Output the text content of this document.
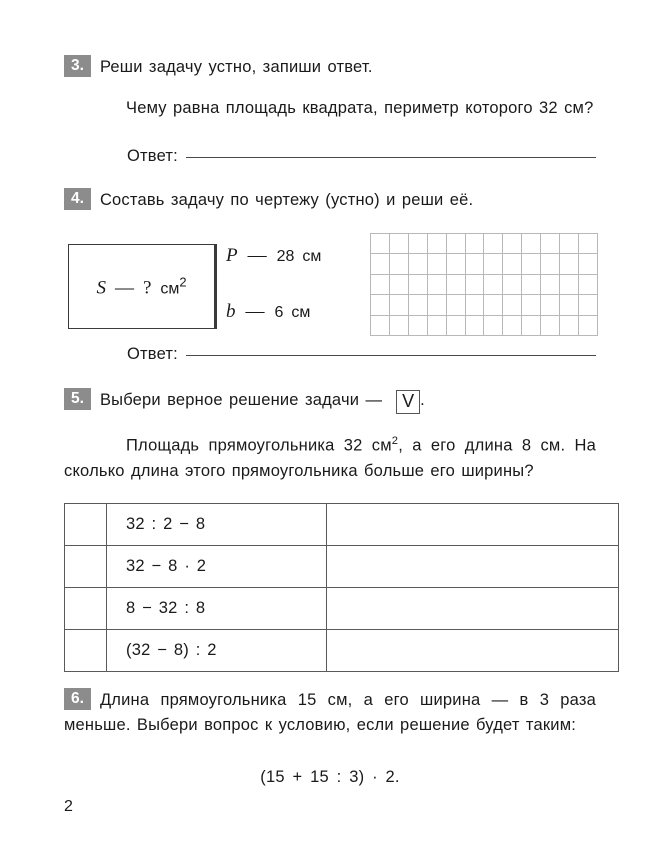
3. Реши задачу устно, запиши ответ.

Чему равна площадь квадрата, периметр которого 32 см?

Ответ:

4. Составь задачу по чертежу (устно) и реши её.

S — ? $см^2$
P — 28 см
b — 6 см
Ответ:

5. Выбери верное решение задачи — V .

Площадь прямоугольника 32 $см^2$, а его длина 8 см. На сколько длина этого прямоугольника больше его ширины?

	32 : 2 − 8	
	32 − 8 · 2	
	8 − 32 : 8	
	(32 − 8) : 2	

6. Длина прямоугольника 15 см, а его ширина — в 3 раза меньше. Выбери вопрос к условию, если решение будет таким:

(15 + 15 : 3) · 2.
2
